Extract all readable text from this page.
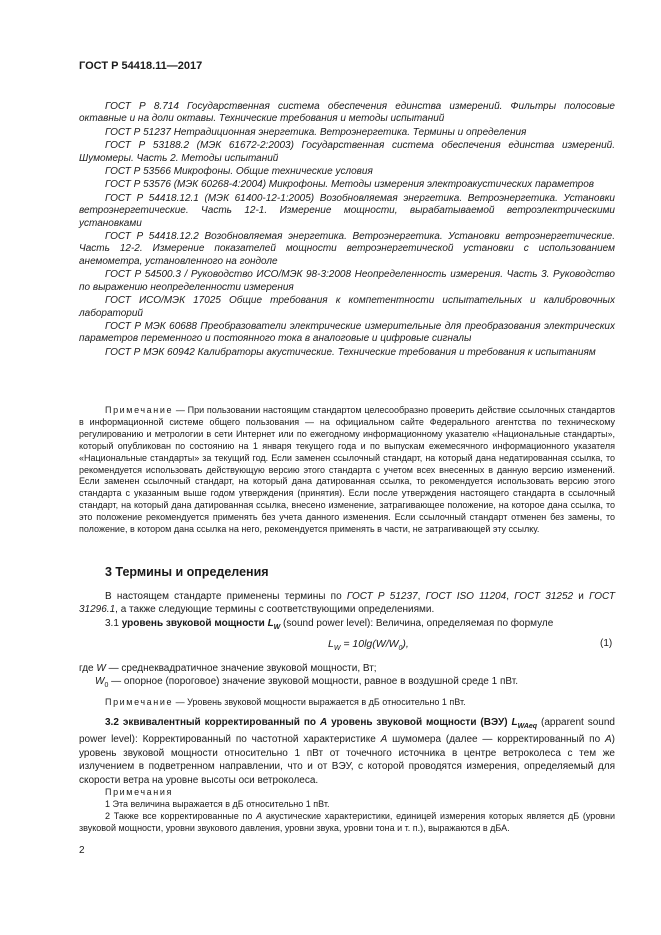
ГОСТ Р 54418.11—2017

ГОСТ Р 8.714 Государственная система обеспечения единства измерений. Фильтры полосовые октавные и на доли октавы. Технические требования и методы испытаний

ГОСТ Р 51237 Нетрадиционная энергетика. Ветроэнергетика. Термины и определения

ГОСТ Р 53188.2 (МЭК 61672-2:2003) Государственная система обеспечения единства измерений. Шумомеры. Часть 2. Методы испытаний

ГОСТ Р 53566 Микрофоны. Общие технические условия

ГОСТ Р 53576 (МЭК 60268-4:2004) Микрофоны. Методы измерения электроакустических параметров

ГОСТ Р 54418.12.1 (МЭК 61400-12-1:2005) Возобновляемая энергетика. Ветроэнергетика. Установки ветроэнергетические. Часть 12-1. Измерение мощности, вырабатываемой ветроэлектрическими установками

ГОСТ Р 54418.12.2 Возобновляемая энергетика. Ветроэнергетика. Установки ветроэнергетические. Часть 12-2. Измерение показателей мощности ветроэнергетической установки с использованием анемометра, установленного на гондоле

ГОСТ Р 54500.3 / Руководство ИСО/МЭК 98-3:2008 Неопределенность измерения. Часть 3. Руководство по выражению неопределенности измерения

ГОСТ ИСО/МЭК 17025 Общие требования к компетентности испытательных и калибровочных лабораторий

ГОСТ Р МЭК 60688 Преобразователи электрические измерительные для преобразования электрических параметров переменного и постоянного тока в аналоговые и цифровые сигналы

ГОСТ Р МЭК 60942 Калибраторы акустические. Технические требования и требования к испытаниям

Примечание — При пользовании настоящим стандартом целесообразно проверить действие ссылочных стандартов в информационной системе общего пользования — на официальном сайте Федерального агентства по техническому регулированию и метрологии в сети Интернет или по ежегодному информационному указателю «Национальные стандарты», который опубликован по состоянию на 1 января текущего года и по выпускам ежемесячного информационного указателя «Национальные стандарты» за текущий год. Если заменен ссылочный стандарт, на который дана недатированная ссылка, то рекомендуется использовать действующую версию этого стандарта с учетом всех внесенных в данную версию изменений. Если заменен ссылочный стандарт, на который дана датированная ссылка, то рекомендуется использовать версию этого стандарта с указанным выше годом утверждения (принятия). Если после утверждения настоящего стандарта в ссылочный стандарт, на который дана датированная ссылка, внесено изменение, затрагивающее положение, на которое дана ссылка, то это положение рекомендуется применять без учета данного изменения. Если ссылочный стандарт отменен без замены, то положение, в котором дана ссылка на него, рекомендуется применять в части, не затрагивающей эту ссылку.
3 Термины и определения
В настоящем стандарте применены термины по ГОСТ Р 51237, ГОСТ ISO 11204, ГОСТ 31252 и ГОСТ 31296.1, а также следующие термины с соответствующими определениями.
3.1 уровень звуковой мощности $L_W$ (sound power level): Величина, определяемая по формуле
$L_W = 10\lg(W/W_0)$,	(1)
где W — среднеквадратичное значение звуковой мощности, Вт;
$W_0$ — опорное (пороговое) значение звуковой мощности, равное в воздушной среде 1 пВт.
Примечание — Уровень звуковой мощности выражается в дБ относительно 1 пВт.
3.2 эквивалентный корректированный по А уровень звуковой мощности (ВЭУ) $L_{WAeq}$ (apparent sound power level): Корректированный по частотной характеристике А шумомера (далее — корректированный по А) уровень звуковой мощности относительно 1 пВт от точечного источника в центре ветроколеса с тем же излучением в подветренном направлении, что и от ВЭУ, с которой проводятся измерения, определяемый для скорости ветра на уровне высоты оси ветроколеса.
Примечания
1 Эта величина выражается в дБ относительно 1 пВт.
2 Также все корректированные по А акустические характеристики, единицей измерения которых является дБ (уровни звуковой мощности, уровни звукового давления, уровни звука, уровни тона и т. п.), выражаются в дБА.
2
